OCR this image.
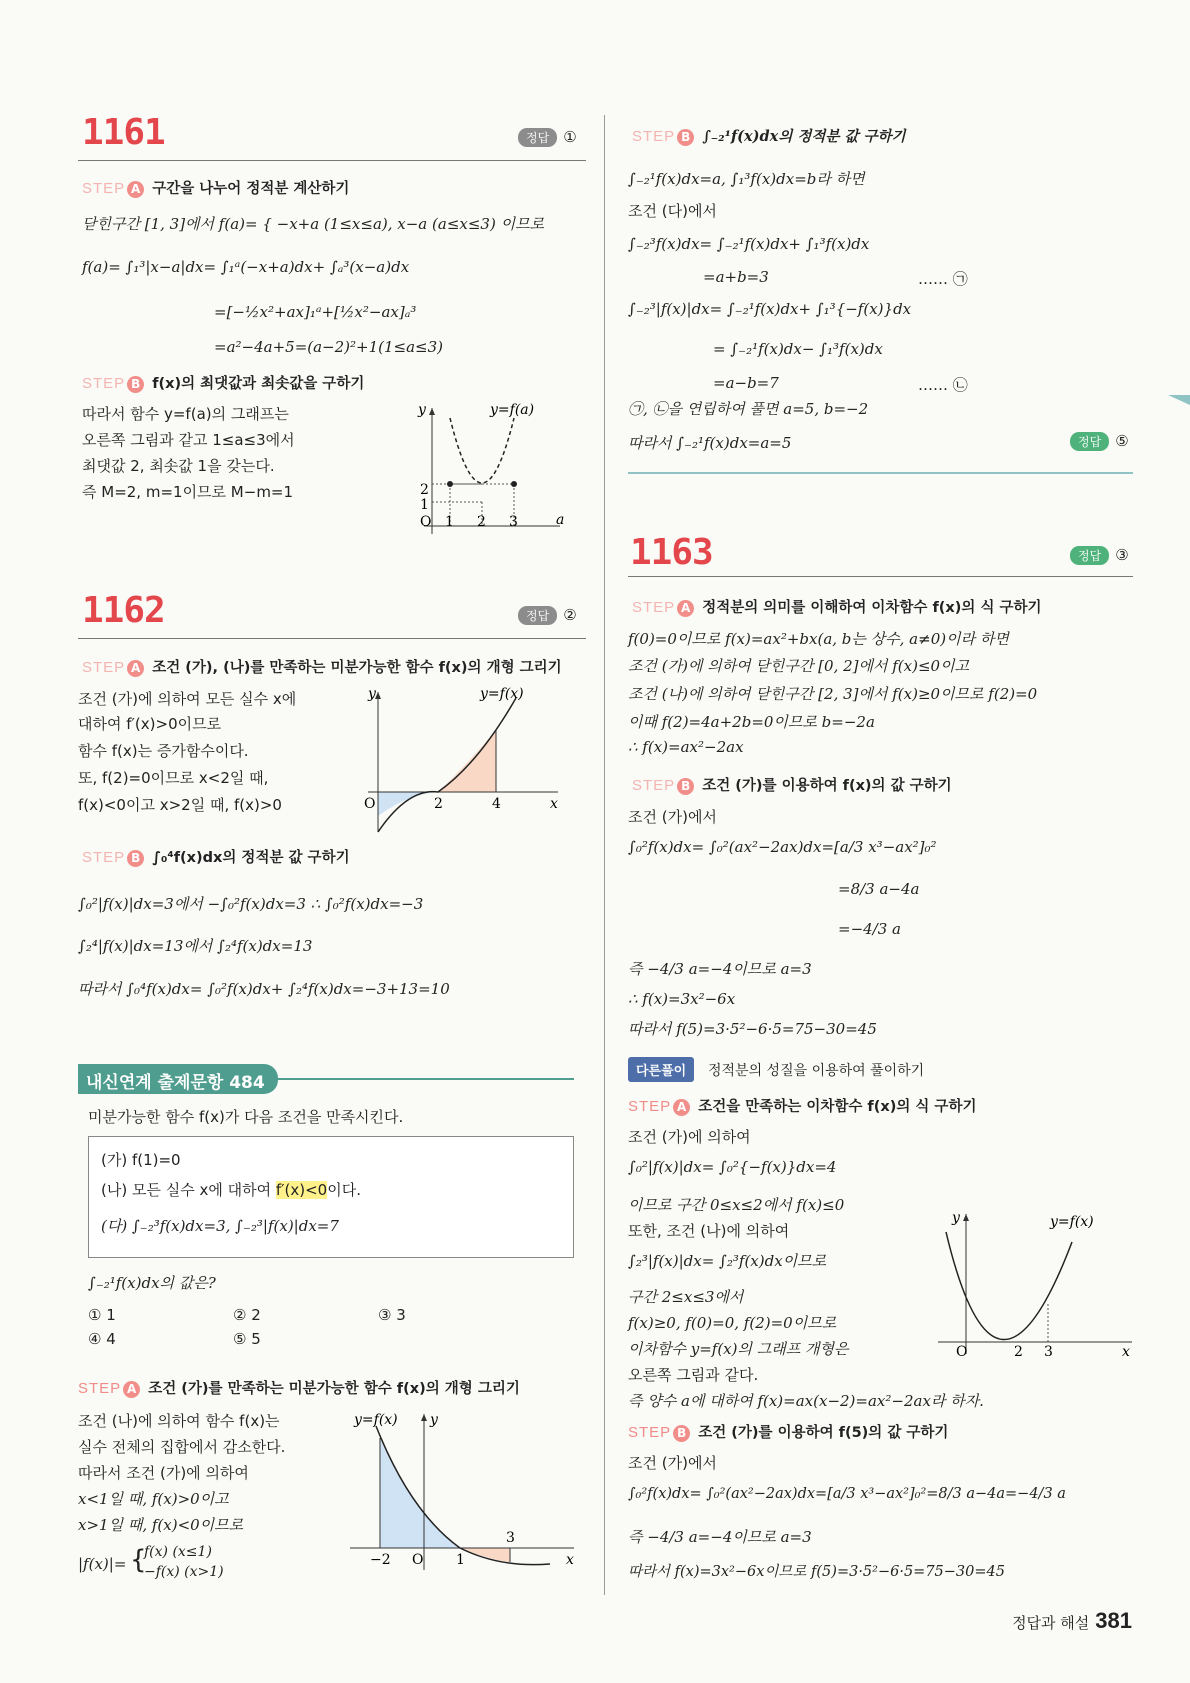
1161	정답 ①
STEP A 구간을 나누어 정적분 계산하기
닫힌구간 [1, 3]에서 f(a)= { −x+a (1≤x≤a), x−a (a≤x≤3) 이므로
f(a)= ∫₁³|x−a|dx= ∫₁ᵃ(−x+a)dx+ ∫ₐ³(x−a)dx
=[−½x²+ax]₁ᵃ+[½x²−ax]ₐ³
=a²−4a+5=(a−2)²+1(1≤a≤3)
STEP B f(x)의 최댓값과 최솟값을 구하기
따라서 함수 y=f(a)의 그래프는
오른쪽 그림과 같고 1≤a≤3에서
최댓값 2, 최솟값 1을 갖는다.
즉 M=2, m=1이므로 M−m=1
y	y=f(a)
2
1
O 1 2 3	a
1162	정답 ②
STEP A 조건 (가), (나)를 만족하는 미분가능한 함수 f(x)의 개형 그리기
조건 (가)에 의하여 모든 실수 x에
대하여 f′(x)>0이므로
함수 f(x)는 증가함수이다.
또, f(2)=0이므로 x<2일 때,
f(x)<0이고 x>2일 때, f(x)>0
y	y=f(x)
O	2	4	x
STEP B ∫₀⁴f(x)dx의 정적분 값 구하기
∫₀²|f(x)|dx=3에서 −∫₀²f(x)dx=3 ∴ ∫₀²f(x)dx=−3
∫₂⁴|f(x)|dx=13에서 ∫₂⁴f(x)dx=13
따라서 ∫₀⁴f(x)dx= ∫₀²f(x)dx+ ∫₂⁴f(x)dx=−3+13=10
내신연계 출제문항 484
미분가능한 함수 f(x)가 다음 조건을 만족시킨다.
(가) f(1)=0
(나) 모든 실수 x에 대하여 f′(x)<0이다.
(다) ∫₋₂³f(x)dx=3, ∫₋₂³|f(x)|dx=7
∫₋₂¹f(x)dx의 값은?
① 1	② 2	③ 3
④ 4	⑤ 5
STEP A 조건 (가)를 만족하는 미분가능한 함수 f(x)의 개형 그리기
조건 (나)에 의하여 함수 f(x)는
실수 전체의 집합에서 감소한다.
따라서 조건 (가)에 의하여
x<1일 때, f(x)>0이고
x>1일 때, f(x)<0이므로
|f(x)|= {
f(x) (x≤1)
−f(x) (x>1)
y=f(x) y
−2 O 1
3
x
STEP B ∫₋₂¹f(x)dx의 정적분 값 구하기
∫₋₂¹f(x)dx=a, ∫₁³f(x)dx=b라 하면
조건 (다)에서
∫₋₂³f(x)dx= ∫₋₂¹f(x)dx+ ∫₁³f(x)dx
=a+b=3	…… ㉠
∫₋₂³|f(x)|dx= ∫₋₂¹f(x)dx+ ∫₁³{−f(x)}dx
= ∫₋₂¹f(x)dx− ∫₁³f(x)dx
=a−b=7	…… ㉡
㉠, ㉡을 연립하여 풀면 a=5, b=−2
따라서 ∫₋₂¹f(x)dx=a=5	정답 ⑤
1163	정답 ③
STEP A 정적분의 의미를 이해하여 이차함수 f(x)의 식 구하기
f(0)=0이므로 f(x)=ax²+bx(a, b는 상수, a≠0)이라 하면
조건 (가)에 의하여 닫힌구간 [0, 2]에서 f(x)≤0이고
조건 (나)에 의하여 닫힌구간 [2, 3]에서 f(x)≥0이므로 f(2)=0
이때 f(2)=4a+2b=0이므로 b=−2a
∴ f(x)=ax²−2ax
STEP B 조건 (가)를 이용하여 f(x)의 값 구하기
조건 (가)에서
∫₀²f(x)dx= ∫₀²(ax²−2ax)dx=[a/3 x³−ax²]₀²
=8/3 a−4a
=−4/3 a
즉 −4/3 a=−4이므로 a=3
∴ f(x)=3x²−6x
따라서 f(5)=3·5²−6·5=75−30=45
다른풀이	정적분의 성질을 이용하여 풀이하기
STEP A 조건을 만족하는 이차함수 f(x)의 식 구하기
조건 (가)에 의하여
∫₀²|f(x)|dx= ∫₀²{−f(x)}dx=4
이므로 구간 0≤x≤2에서 f(x)≤0
또한, 조건 (나)에 의하여
∫₂³|f(x)|dx= ∫₂³f(x)dx이므로
구간 2≤x≤3에서
f(x)≥0, f(0)=0, f(2)=0이므로
이차함수 y=f(x)의 그래프 개형은
오른쪽 그림과 같다.
즉 양수 a에 대하여 f(x)=ax(x−2)=ax²−2ax라 하자.
y	y=f(x)
O	2 3	x
STEP B 조건 (가)를 이용하여 f(5)의 값 구하기
조건 (가)에서
∫₀²f(x)dx= ∫₀²(ax²−2ax)dx=[a/3 x³−ax²]₀²=8/3 a−4a=−4/3 a
즉 −4/3 a=−4이므로 a=3
따라서 f(x)=3x²−6x이므로 f(5)=3·5²−6·5=75−30=45
정답과 해설 381
